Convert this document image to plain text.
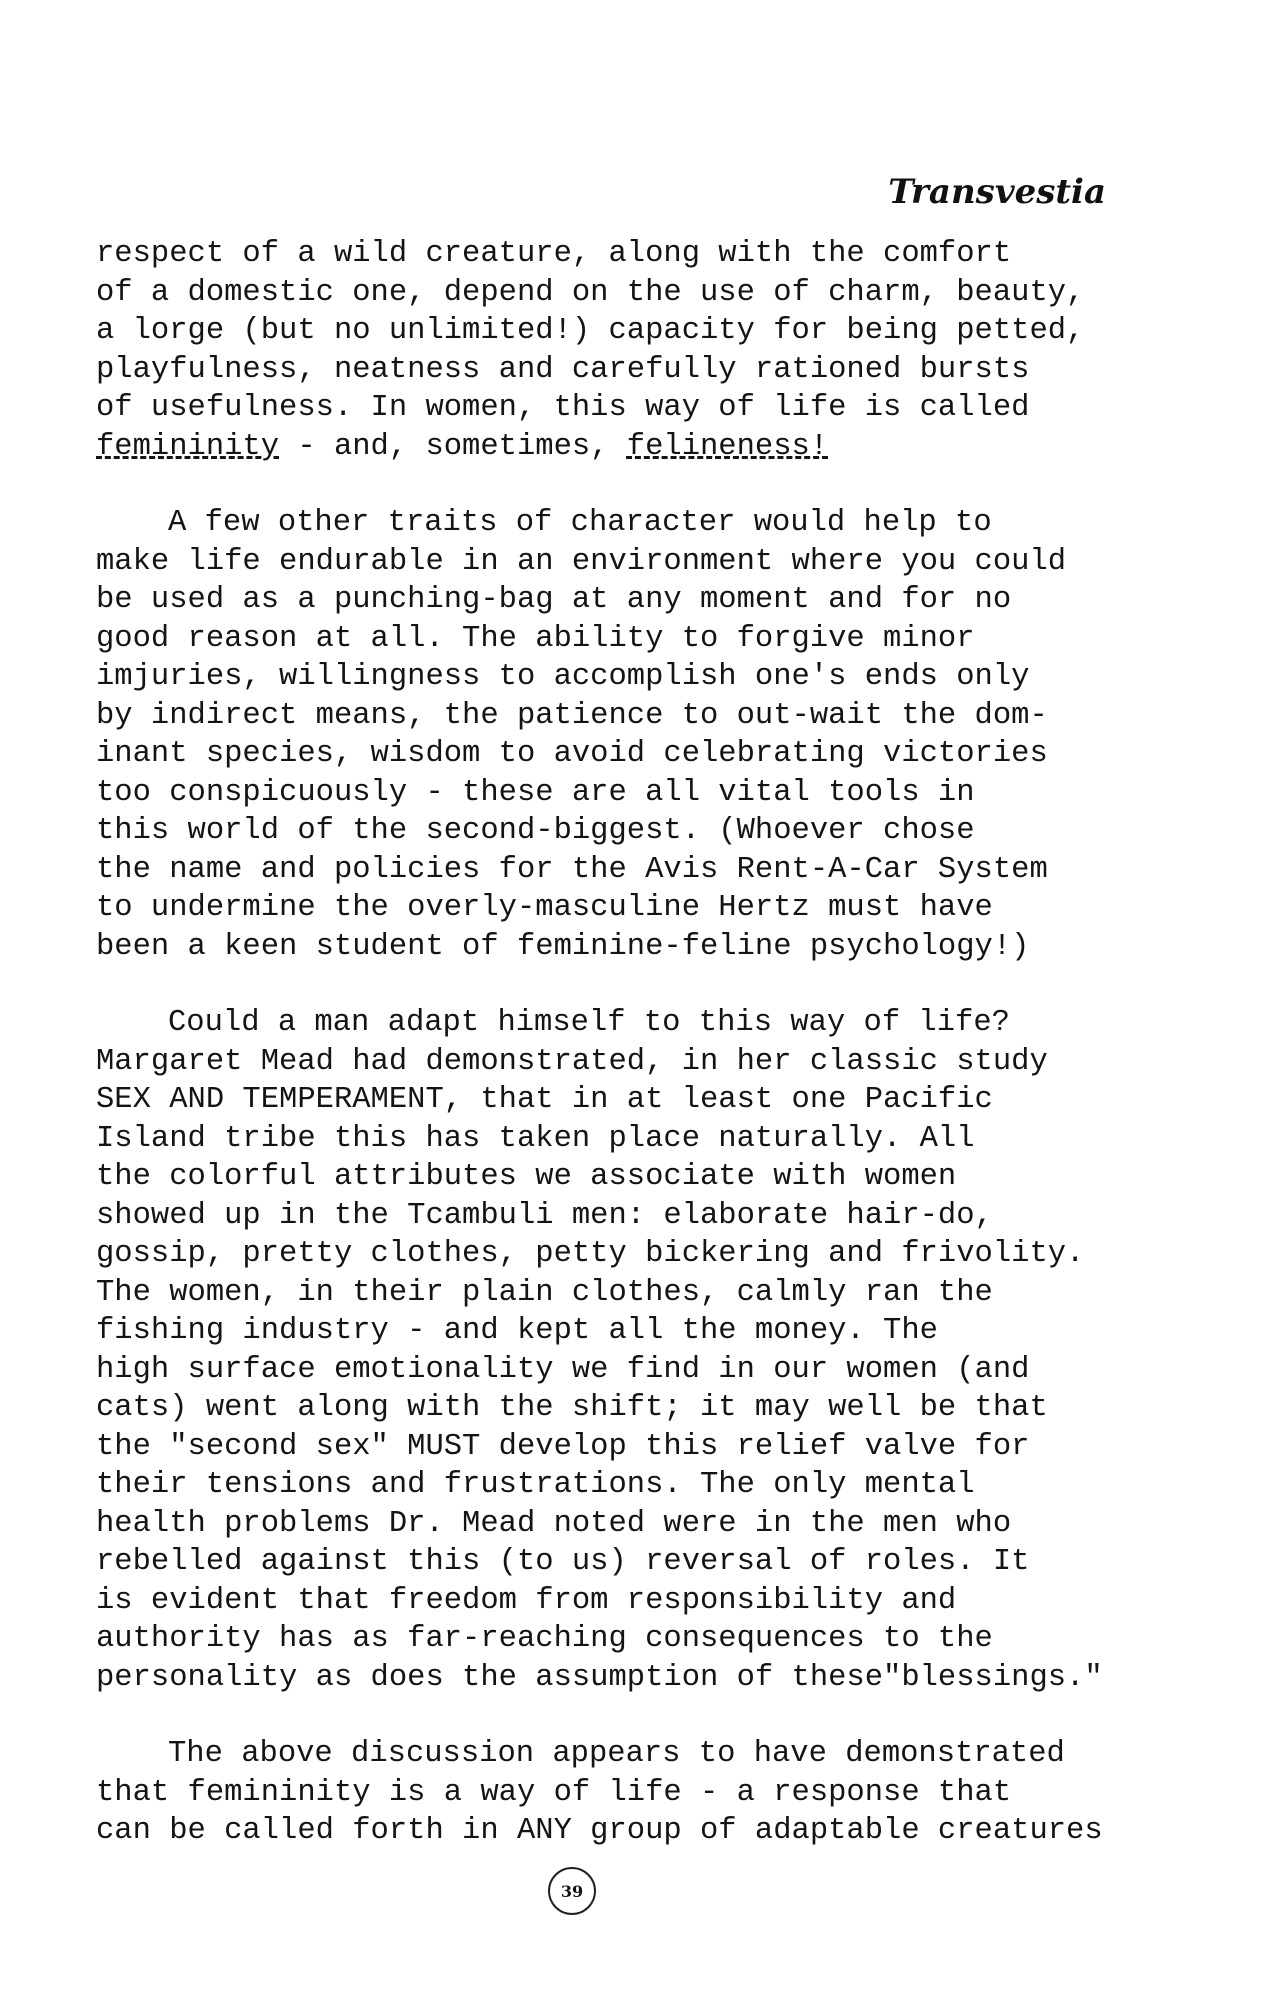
Transvestia
respect of a wild creature, along with the comfort
of a domestic one, depend on the use of charm, beauty,
a lorge (but no unlimited!) capacity for being petted,
playfulness, neatness and carefully rationed bursts
of usefulness. In women, this way of life is called
femininity - and, sometimes, felineness!
A few other traits of character would help to
make life endurable in an environment where you could
be used as a punching-bag at any moment and for no
good reason at all. The ability to forgive minor
imjuries, willingness to accomplish one's ends only
by indirect means, the patience to out-wait the dom-
inant species, wisdom to avoid celebrating victories
too conspicuously - these are all vital tools in
this world of the second-biggest. (Whoever chose
the name and policies for the Avis Rent-A-Car System
to undermine the overly-masculine Hertz must have
been a keen student of feminine-feline psychology!)
Could a man adapt himself to this way of life?
Margaret Mead had demonstrated, in her classic study
SEX AND TEMPERAMENT, that in at least one Pacific
Island tribe this has taken place naturally. All
the colorful attributes we associate with women
showed up in the Tcambuli men: elaborate hair-do,
gossip, pretty clothes, petty bickering and frivolity.
The women, in their plain clothes, calmly ran the
fishing industry - and kept all the money. The
high surface emotionality we find in our women (and
cats) went along with the shift; it may well be that
the "second sex" MUST develop this relief valve for
their tensions and frustrations. The only mental
health problems Dr. Mead noted were in the men who
rebelled against this (to us) reversal of roles. It
is evident that freedom from responsibility and
authority has as far-reaching consequences to the
personality as does the assumption of these"blessings."
The above discussion appears to have demonstrated
that femininity is a way of life - a response that
can be called forth in ANY group of adaptable creatures
39
